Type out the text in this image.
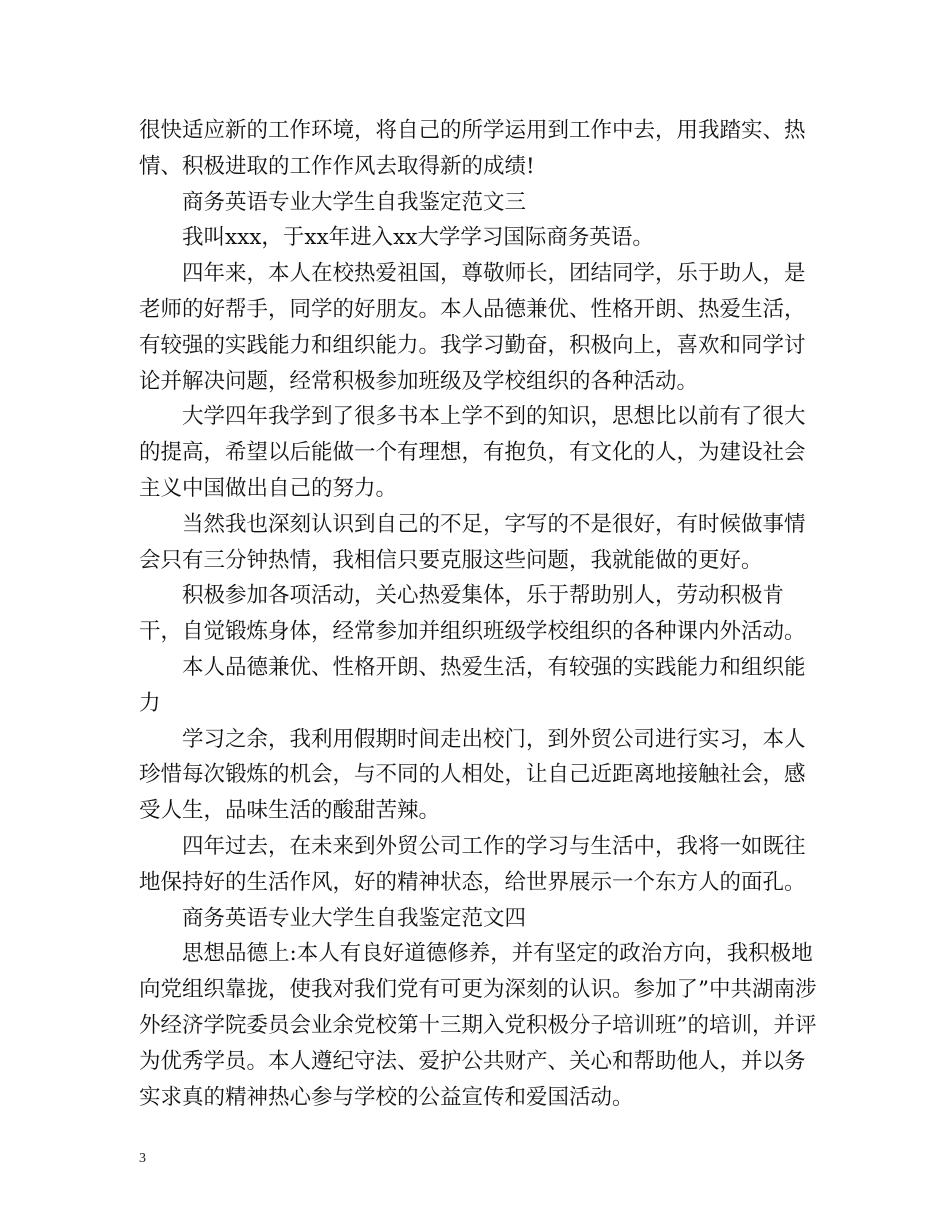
很快适应新的工作环境，将自己的所学运用到工作中去，用我踏实、热情、积极进取的工作作风去取得新的成绩!

商务英语专业大学生自我鉴定范文三

我叫xxx，于xx年进入xx大学学习国际商务英语。

四年来，本人在校热爱祖国，尊敬师长，团结同学，乐于助人，是老师的好帮手，同学的好朋友。本人品德兼优、性格开朗、热爱生活，有较强的实践能力和组织能力。我学习勤奋，积极向上，喜欢和同学讨论并解决问题，经常积极参加班级及学校组织的各种活动。

大学四年我学到了很多书本上学不到的知识，思想比以前有了很大的提高，希望以后能做一个有理想，有抱负，有文化的人，为建设社会主义中国做出自己的努力。

当然我也深刻认识到自己的不足，字写的不是很好，有时候做事情会只有三分钟热情，我相信只要克服这些问题，我就能做的更好。

积极参加各项活动，关心热爱集体，乐于帮助别人，劳动积极肯干，自觉锻炼身体，经常参加并组织班级学校组织的各种课内外活动。

本人品德兼优、性格开朗、热爱生活，有较强的实践能力和组织能力

学习之余，我利用假期时间走出校门，到外贸公司进行实习，本人珍惜每次锻炼的机会，与不同的人相处，让自己近距离地接触社会，感受人生，品味生活的酸甜苦辣。

四年过去，在未来到外贸公司工作的学习与生活中，我将一如既往地保持好的生活作风，好的精神状态，给世界展示一个东方人的面孔。

商务英语专业大学生自我鉴定范文四

思想品德上:本人有良好道德修养，并有坚定的政治方向，我积极地向党组织靠拢，使我对我们党有可更为深刻的认识。参加了”中共湖南涉外经济学院委员会业余党校第十三期入党积极分子培训班”的培训，并评为优秀学员。本人遵纪守法、爱护公共财产、关心和帮助他人，并以务实求真的精神热心参与学校的公益宣传和爱国活动。

3
